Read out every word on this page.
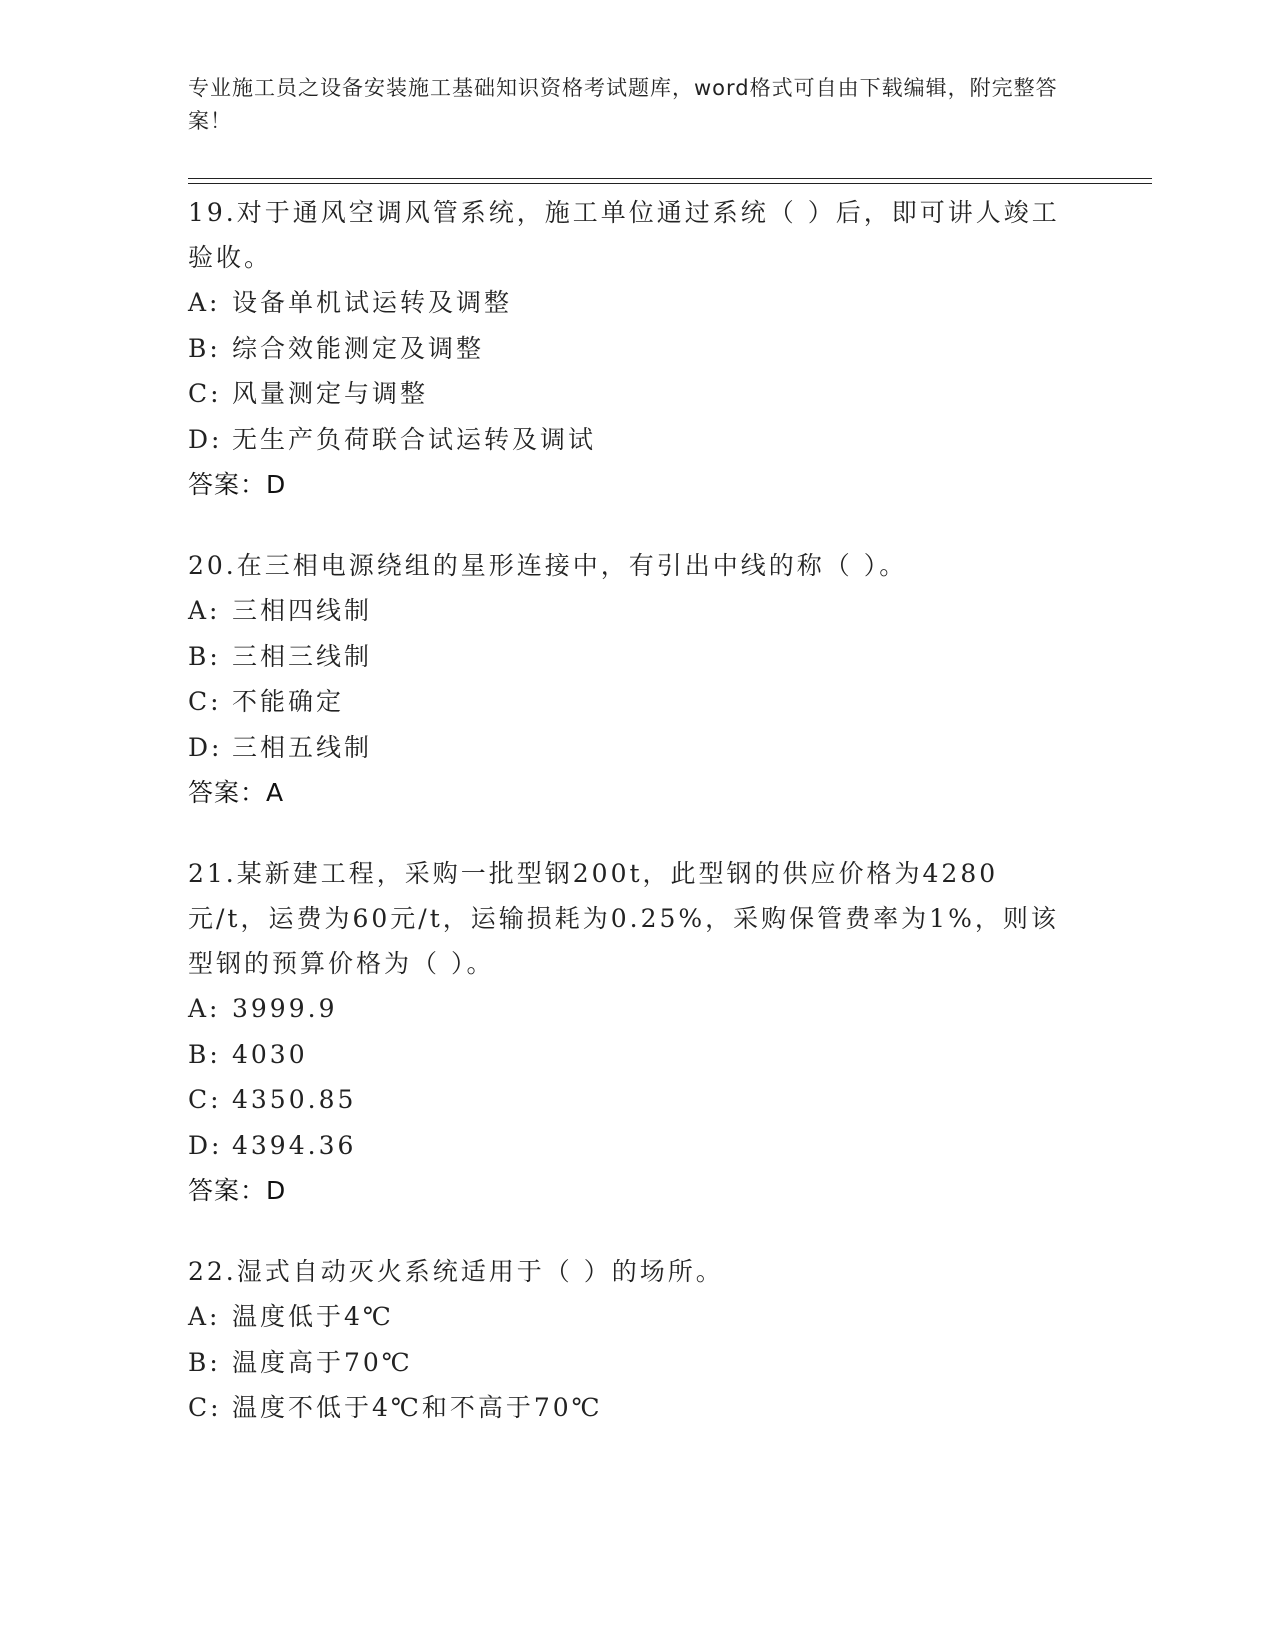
专业施工员之设备安装施工基础知识资格考试题库，word格式可自由下载编辑，附完整答案！
19.对于通风空调风管系统，施工单位通过系统（ ）后，即可讲人竣工验收。
A: 设备单机试运转及调整
B: 综合效能测定及调整
C: 风量测定与调整
D: 无生产负荷联合试运转及调试
答案：D
20.在三相电源绕组的星形连接中，有引出中线的称（ ）。
A: 三相四线制
B: 三相三线制
C: 不能确定
D: 三相五线制
答案：A
21.某新建工程，采购一批型钢200t，此型钢的供应价格为4280元/t，运费为60元/t，运输损耗为0.25%，采购保管费率为1%，则该型钢的预算价格为（ ）。
A: 3999.9
B: 4030
C: 4350.85
D: 4394.36
答案：D
22.湿式自动灭火系统适用于（ ）的场所。
A: 温度低于4℃
B: 温度高于70℃
C: 温度不低于4℃和不高于70℃
